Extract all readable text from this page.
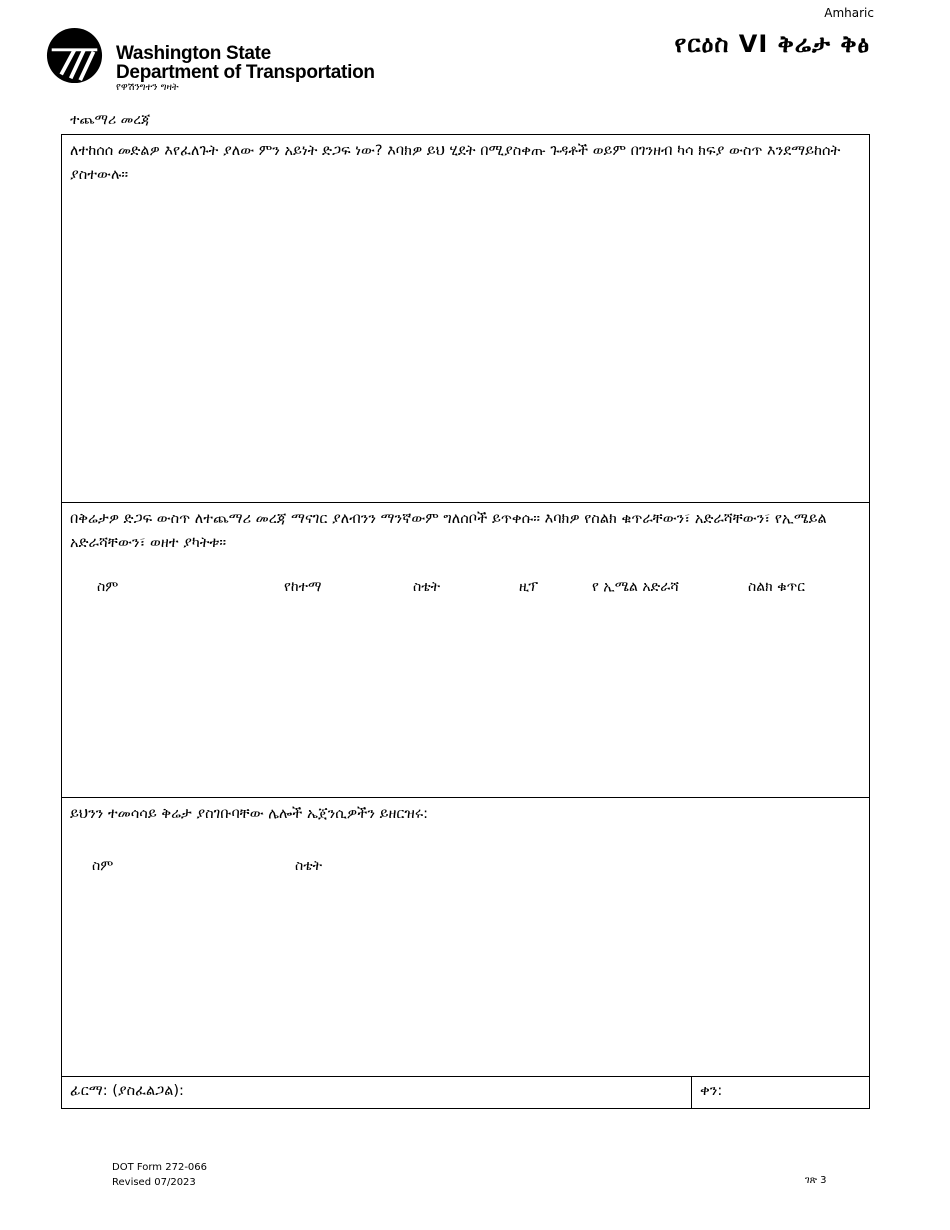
Amharic
የርዕስ VI ቅሬታ ቅፅ
Washington State
Department of Transportation
የዋሽንግተን ግዛት
ተጨማሪ መረጃ
ለተከሰሰ መድልዎ እየፈለጉት ያለው ምን አይነት ድጋፍ ነው? እባክዎ ይህ ሂደት በሚያስቀጡ ጉዳቶች ወይም በገንዘብ ካሳ ክፍያ ውስጥ እንደማይከሰት ያስተውሉ።
በቅሬታዎ ድጋፍ ውስጥ ለተጨማሪ መረጃ ማናገር ያለብንን ማንኛውም ግለሰቦች ይጥቀሱ። እባክዎ የስልክ ቁጥራቸውን፣ አድራሻቸውን፣ የኢሜይል አድራሻቸውን፣ ወዘተ ያካትቱ።
ስም	የከተማ	ስቴት	ዚፕ	የ ኢሜል አድራሻ	ስልክ ቁጥር
ይህንን ተመሳሳይ ቅሬታ ያስገቡባቸው ሌሎች ኤጀንሲዎችን ይዘርዝሩ:
ስም	ስቴት
ፊርማ: (ያስፈልጋል):	ቀን:
DOT Form 272-066
Revised 07/2023	ገጽ 3
